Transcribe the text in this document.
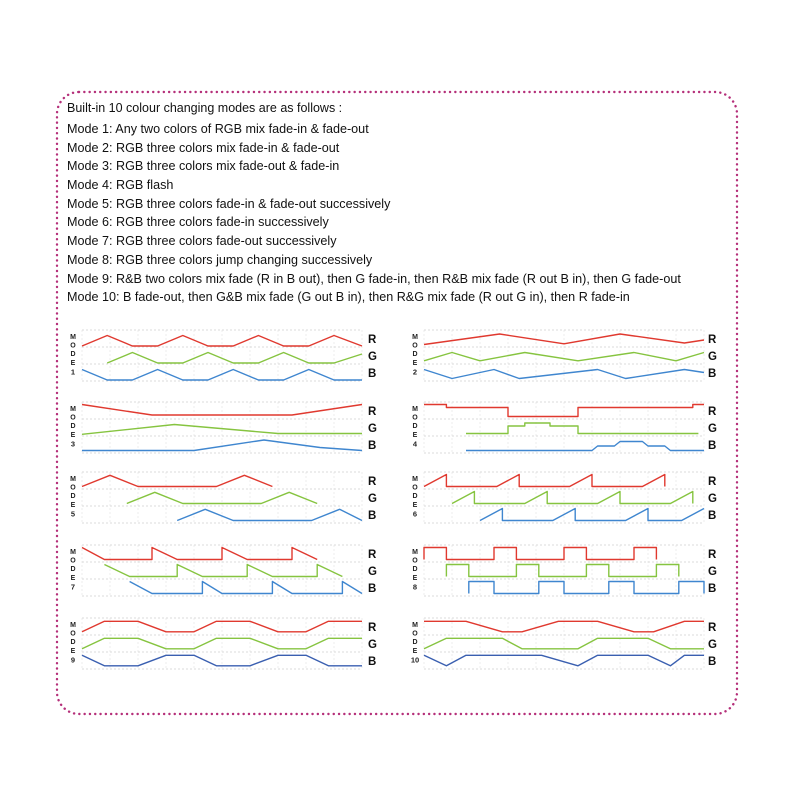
Built-in 10 colour changing modes are as follows :
Mode 1: Any two colors of RGB mix fade-in & fade-out
Mode 2: RGB three colors mix fade-in & fade-out
Mode 3: RGB three colors mix fade-out & fade-in
Mode 4: RGB flash
Mode 5: RGB three colors fade-in & fade-out successively
Mode 6: RGB three colors fade-in successively
Mode 7: RGB three colors fade-out successively
Mode 8: RGB three colors jump changing successively
Mode 9: R&B two colors mix fade (R in B out), then G fade-in, then R&B mix fade (R out B in), then G fade-out
Mode 10: B fade-out, then G&B mix fade (G out B in), then R&G mix fade (R out G in), then R fade-in
M
O
D
E
1
R
G
B
M
O
D
E
2
R
G
B
M
O
D
E
3
R
G
B
M
O
D
E
4
R
G
B
M
O
D
E
5
R
G
B
M
O
D
E
6
R
G
B
M
O
D
E
7
R
G
B
M
O
D
E
8
R
G
B
M
O
D
E
9
R
G
B
M
O
D
E
10
R
G
B
